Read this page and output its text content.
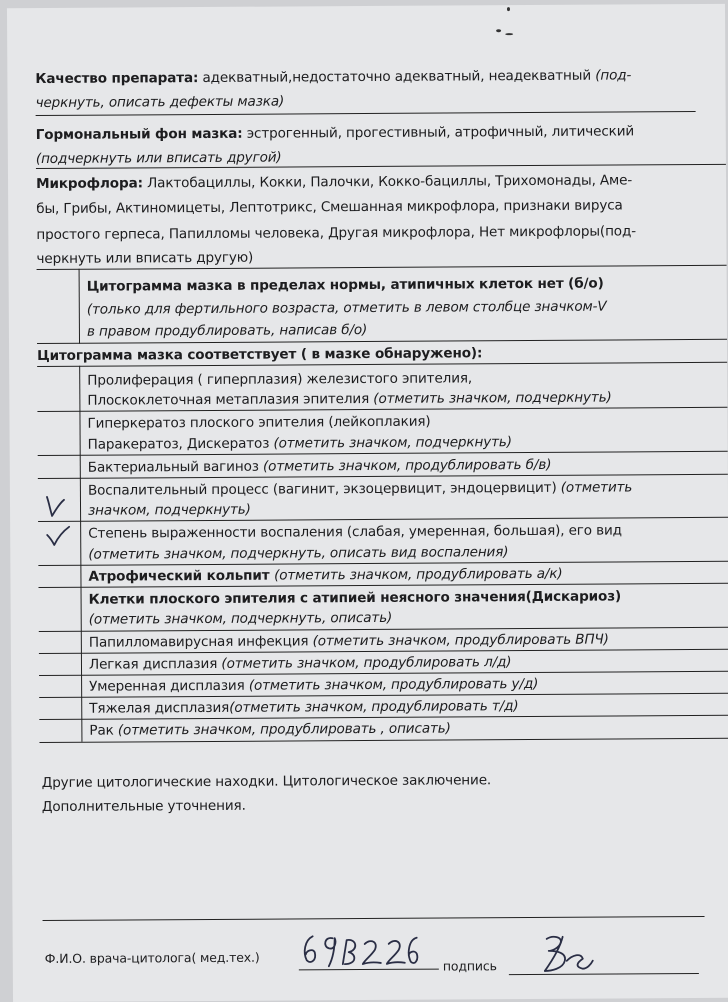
Качество препарата: адекватный,недостаточно адекватный, неадекватный (под-
черкнуть, описать дефекты мазка)
Гормональный фон мазка: эстрогенный, прогестивный, атрофичный, литический
(подчеркнуть или вписать другой)
Микрофлора: Лактобациллы, Кокки, Палочки, Кокко-бациллы, Трихомонады, Аме-
бы, Грибы, Актиномицеты, Лептотрикс, Смешанная микрофлора, признаки вируса
простого герпеса, Папилломы человека, Другая микрофлора, Нет микрофлоры(под-
черкнуть или вписать другую)
Цитограмма мазка в пределах нормы, атипичных клеток нет (б/о)
(только для фертильного возраста, отметить в левом столбце значком-V
в правом продублировать, написав б/о)
Цитограмма мазка соответствует ( в мазке обнаружено):
Пролиферация ( гиперплазия) железистого эпителия,
Плоскоклеточная метаплазия эпителия (отметить значком, подчеркнуть)
Гиперкератоз плоского эпителия (лейкоплакия)
Паракератоз, Дискератоз (отметить значком, подчеркнуть)
Бактериальный вагиноз (отметить значком, продублировать б/в)
Воспалительный процесс (вагинит, экзоцервицит, эндоцервицит) (отметить
значком, подчеркнуть)
Степень выраженности воспаления (слабая, умеренная, большая), его вид
(отметить значком, подчеркнуть, описать вид воспаления)
Атрофический кольпит (отметить значком, продублировать а/к)
Клетки плоского эпителия с атипией неясного значения(Дискариоз)
(отметить значком, подчеркнуть, описать)
Папилломавирусная инфекция (отметить значком, продублировать ВПЧ)
Легкая дисплазия (отметить значком, продублировать л/д)
Умеренная дисплазия (отметить значком, продублировать у/д)
Тяжелая дисплазия(отметить значком, продублировать т/д)
Рак (отметить значком, продублировать , описать)
Другие цитологические находки. Цитологическое заключение.
Дополнительные уточнения.
Ф.И.О. врача-цитолога( мед.тех.)	подпись
